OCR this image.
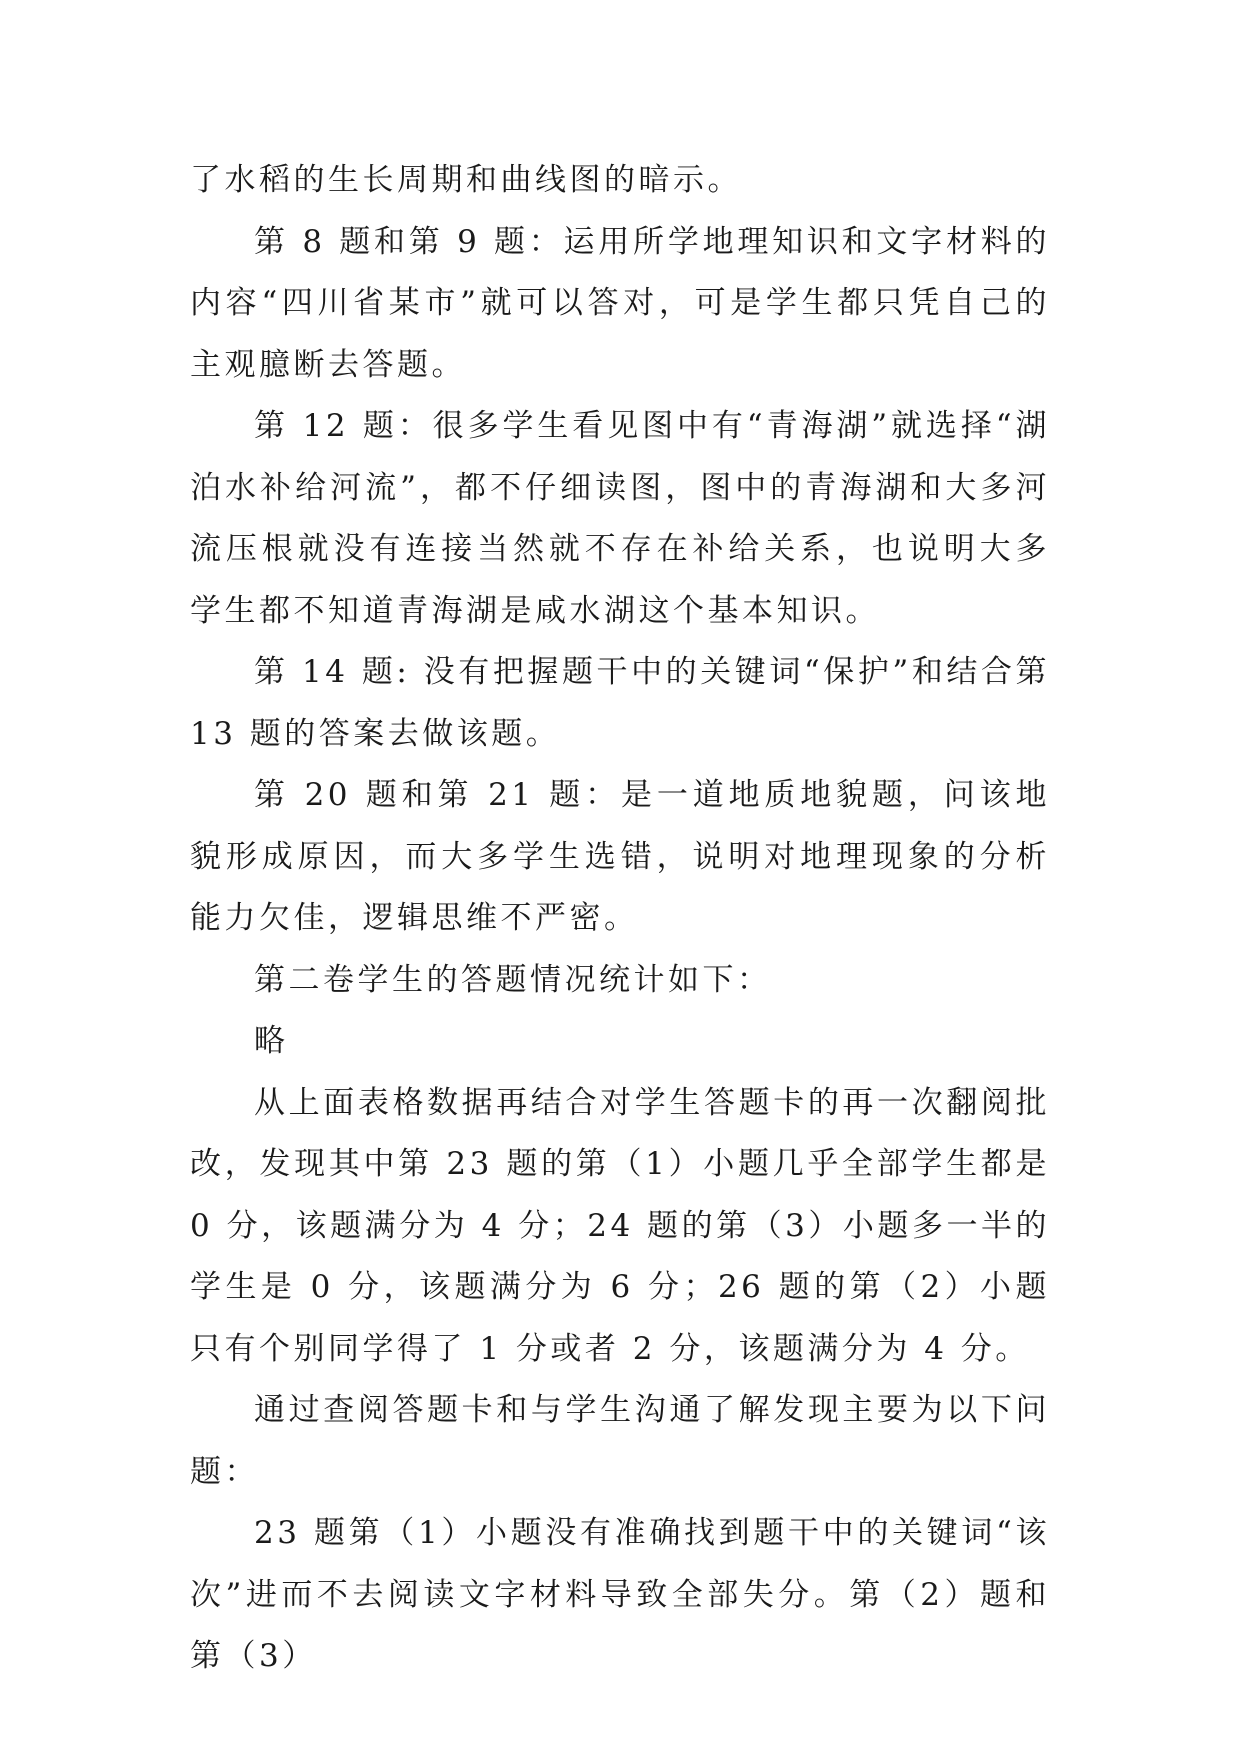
了水稻的生长周期和曲线图的暗示。

第 8 题和第 9 题：运用所学地理知识和文字材料的内容“四川省某市”就可以答对，可是学生都只凭自己的主观臆断去答题。

第 12 题：很多学生看见图中有“青海湖”就选择“湖泊水补给河流”，都不仔细读图，图中的青海湖和大多河流压根就没有连接当然就不存在补给关系，也说明大多学生都不知道青海湖是咸水湖这个基本知识。

第 14 题: 没有把握题干中的关键词“保护”和结合第 13 题的答案去做该题。

第 20 题和第 21 题：是一道地质地貌题，问该地貌形成原因，而大多学生选错，说明对地理现象的分析能力欠佳，逻辑思维不严密。

第二卷学生的答题情况统计如下：

略

从上面表格数据再结合对学生答题卡的再一次翻阅批改，发现其中第 23 题的第（1）小题几乎全部学生都是 0 分，该题满分为 4 分；24 题的第（3）小题多一半的学生是 0 分，该题满分为 6 分；26 题的第（2）小题只有个别同学得了 1 分或者 2 分，该题满分为 4 分。

通过查阅答题卡和与学生沟通了解发现主要为以下问题：

23 题第（1）小题没有准确找到题干中的关键词“该次”进而不去阅读文字材料导致全部失分。第（2）题和第（3）
